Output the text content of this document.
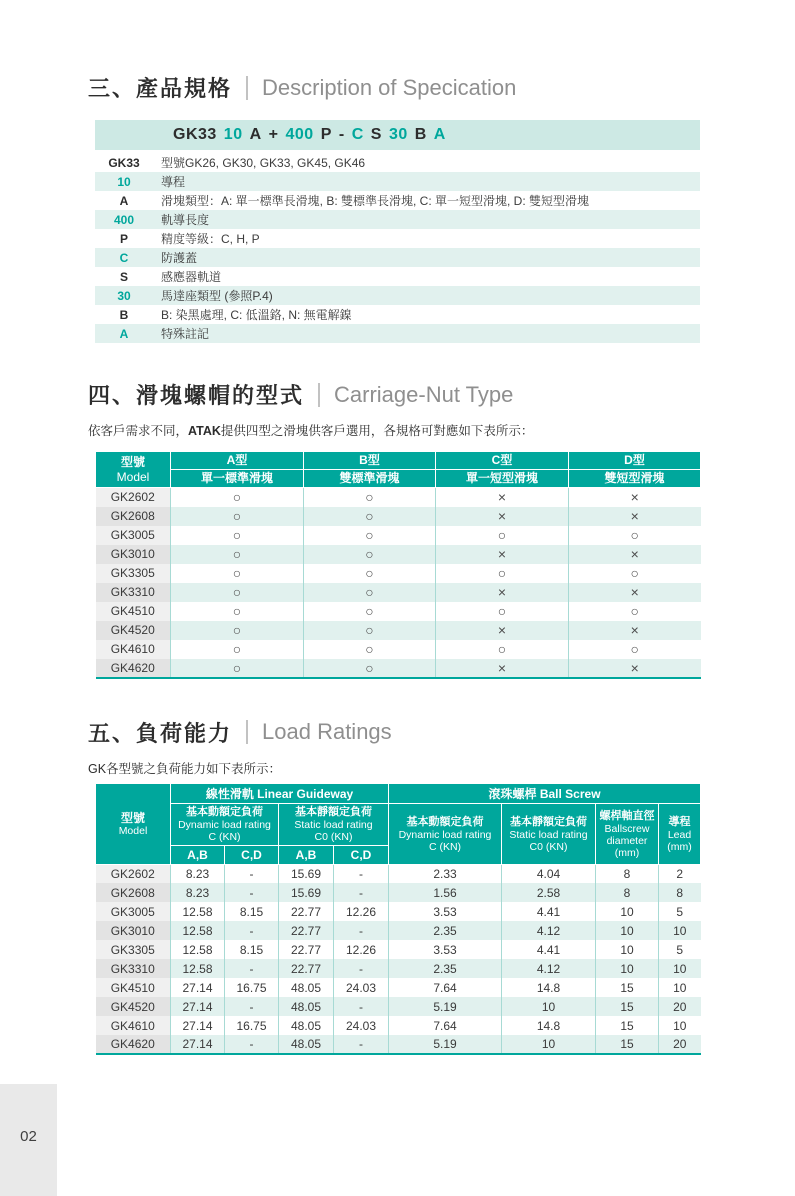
三、產品規格 Description of Specication
GK33 10 A + 400 P - C S 30 B A
GK33	型號GK26, GK30, GK33, GK45, GK46
10	導程
A	滑塊類型：A: 單一標準長滑塊, B: 雙標準長滑塊, C: 單一短型滑塊, D: 雙短型滑塊
400	軌導長度
P	精度等級：C, H, P
C	防護蓋
S	感應器軌道
30	馬達座類型 (參照P.4)
B	B: 染黑處理, C: 低溫鉻, N: 無電解鎳
A	特殊註記
四、滑塊螺帽的型式 Carriage-Nut Type
依客戶需求不同，ATAK提供四型之滑塊供客戶選用，各規格可對應如下表所示：
型號
Model	A型	B型	C型	D型
	單一標準滑塊	雙標準滑塊	單一短型滑塊	雙短型滑塊
GK2602	○	○	×	×
GK2608	○	○	×	×
GK3005	○	○	○	○
GK3010	○	○	×	×
GK3305	○	○	○	○
GK3310	○	○	×	×
GK4510	○	○	○	○
GK4520	○	○	×	×
GK4610	○	○	○	○
GK4620	○	○	×	×
五、負荷能力 Load Ratings
GK各型號之負荷能力如下表所示：
型號
Model	線性滑軌 Linear Guideway				滾珠螺桿 Ball Screw			

	基本動額定負荷
Dynamic load rating
C (KN)		基本靜額定負荷
Static load rating
C0 (KN)		基本動額定負荷
Dynamic load rating
C (KN)	基本靜額定負荷
Static load rating
C0 (KN)	螺桿軸直徑
Ballscrew
diameter
(mm)	導程
Lead
(mm)

	A,B	C,D	A,B	C,D				
GK2602	8.23	-	15.69	-	2.33	4.04	8	2
GK2608	8.23	-	15.69	-	1.56	2.58	8	8
GK3005	12.58	8.15	22.77	12.26	3.53	4.41	10	5
GK3010	12.58	-	22.77	-	2.35	4.12	10	10
GK3305	12.58	8.15	22.77	12.26	3.53	4.41	10	5
GK3310	12.58	-	22.77	-	2.35	4.12	10	10
GK4510	27.14	16.75	48.05	24.03	7.64	14.8	15	10
GK4520	27.14	-	48.05	-	5.19	10	15	20
GK4610	27.14	16.75	48.05	24.03	7.64	14.8	15	10
GK4620	27.14	-	48.05	-	5.19	10	15	20
02
